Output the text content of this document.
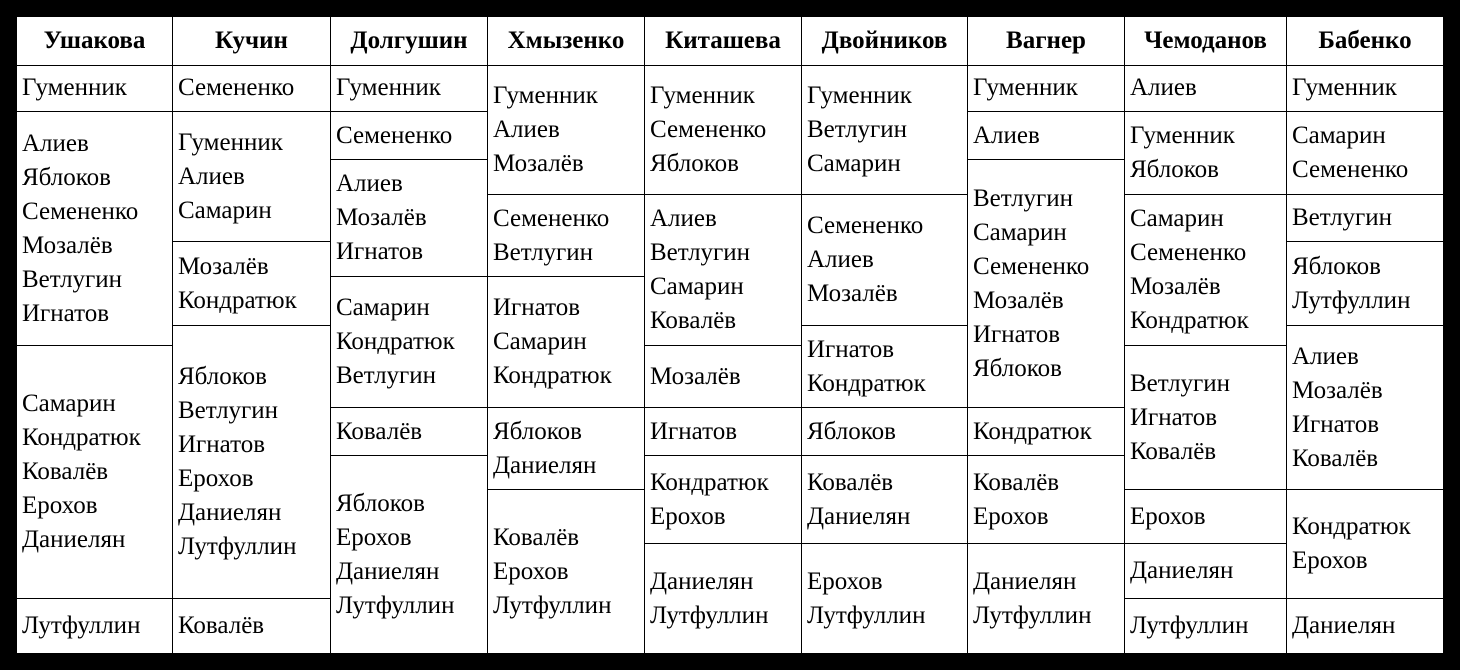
Ушакова
Гуменник
Алиев
Яблоков
Семененко
Мозалёв
Ветлугин
Игнатов
Самарин
Кондратюк
Ковалёв
Ерохов
Даниелян
Лутфуллин
Кучин
Семененко
Гуменник
Алиев
Самарин
Мозалёв
Кондратюк
Яблоков
Ветлугин
Игнатов
Ерохов
Даниелян
Лутфуллин
Ковалёв
Долгушин
Гуменник
Семененко
Алиев
Мозалёв
Игнатов
Самарин
Кондратюк
Ветлугин
Ковалёв
Яблоков
Ерохов
Даниелян
Лутфуллин
Хмызенко
Гуменник
Алиев
Мозалёв
Семененко
Ветлугин
Игнатов
Самарин
Кондратюк
Яблоков
Даниелян
Ковалёв
Ерохов
Лутфуллин
Киташева
Гуменник
Семененко
Яблоков
Алиев
Ветлугин
Самарин
Ковалёв
Мозалёв
Игнатов
Кондратюк
Ерохов
Даниелян
Лутфуллин
Двойников
Гуменник
Ветлугин
Самарин
Семененко
Алиев
Мозалёв
Игнатов
Кондратюк
Яблоков
Ковалёв
Даниелян
Ерохов
Лутфуллин
Вагнер
Гуменник
Алиев
Ветлугин
Самарин
Семененко
Мозалёв
Игнатов
Яблоков
Кондратюк
Ковалёв
Ерохов
Даниелян
Лутфуллин
Чемоданов
Алиев
Гуменник
Яблоков
Самарин
Семененко
Мозалёв
Кондратюк
Ветлугин
Игнатов
Ковалёв
Ерохов
Даниелян
Лутфуллин
Бабенко
Гуменник
Самарин
Семененко
Ветлугин
Яблоков
Лутфуллин
Алиев
Мозалёв
Игнатов
Ковалёв
Кондратюк
Ерохов
Даниелян
